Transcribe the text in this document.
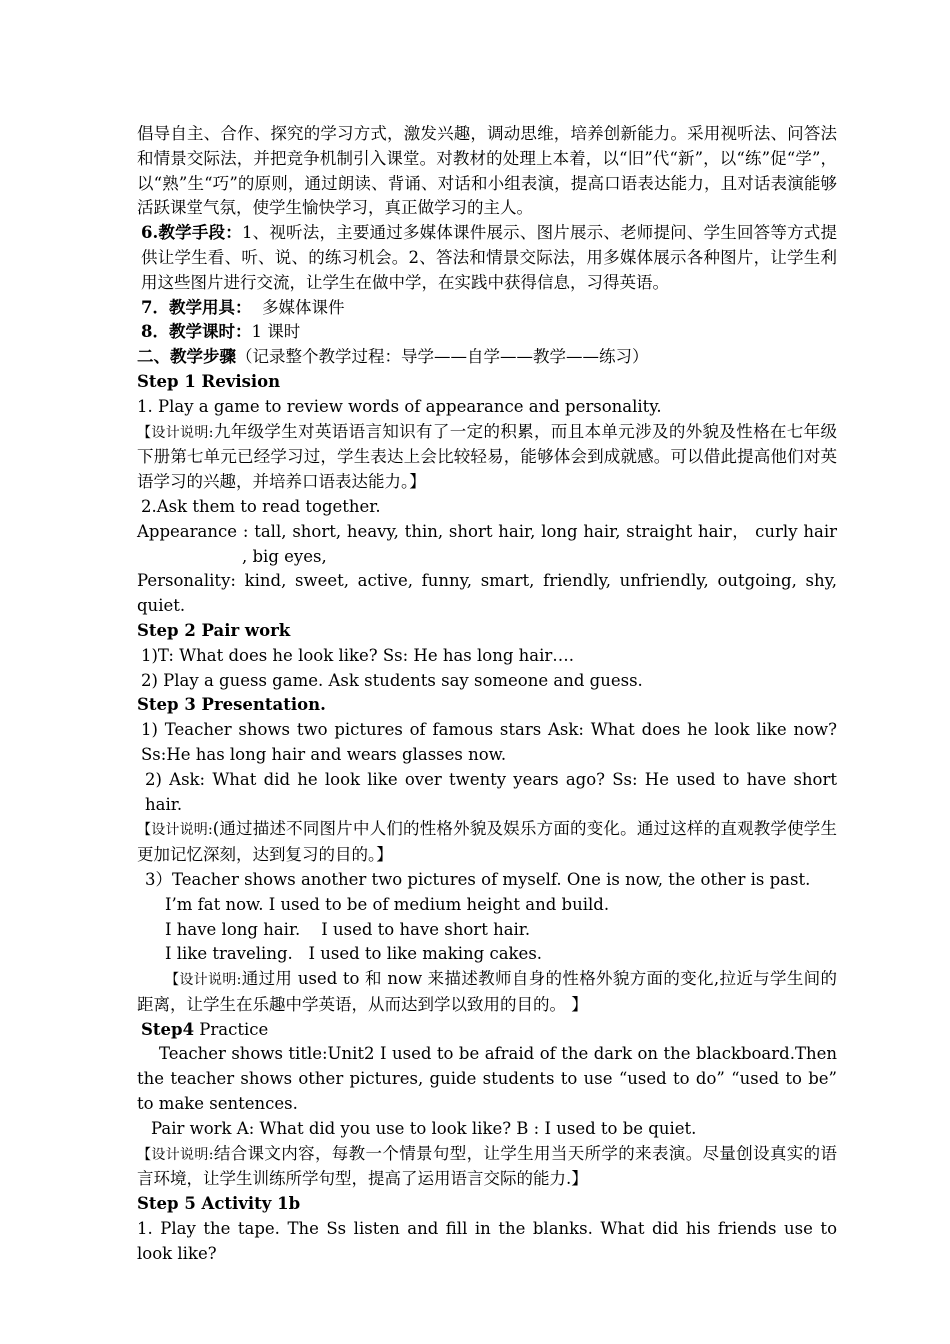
倡导自主、合作、探究的学习方式，激发兴趣，调动思维，培养创新能力。采用视听法、问答法和情景交际法，并把竞争机制引入课堂。对教材的处理上本着，以“旧”代“新”，以“练”促“学”，以“熟”生“巧”的原则，通过朗读、背诵、对话和小组表演，提高口语表达能力，且对话表演能够活跃课堂气氛，使学生愉快学习，真正做学习的主人。

6.教学手段：1、视听法，主要通过多媒体课件展示、图片展示、老师提问、学生回答等方式提供让学生看、听、说、的练习机会。2、答法和情景交际法，用多媒体展示各种图片，让学生利用这些图片进行交流，让学生在做中学，在实践中获得信息，习得英语。

7．教学用具： 多媒体课件

8．教学课时：1 课时

二、教学步骤（记录整个教学过程：导学——自学——教学——练习）

Step 1 Revision

1. Play a game to review words of appearance and personality.

【设计说明:九年级学生对英语语言知识有了一定的积累，而且本单元涉及的外貌及性格在七年级下册第七单元已经学习过，学生表达上会比较轻易，能够体会到成就感。可以借此提高他们对英语学习的兴趣，并培养口语表达能力。】

2.Ask them to read together.

Appearance : tall, short, heavy, thin, short hair, long hair, straight hair， curly hair , big eyes,

Personality: kind, sweet, active, funny, smart, friendly, unfriendly, outgoing, shy, quiet.

Step 2 Pair work

1)T: What does he look like? Ss: He has long hair….

2) Play a guess game. Ask students say someone and guess.

Step 3 Presentation.

1) Teacher shows two pictures of famous stars Ask: What does he look like now? Ss:He has long hair and wears glasses now.

2) Ask: What did he look like over twenty years ago? Ss: He used to have short hair.

【设计说明:(通过描述不同图片中人们的性格外貌及娱乐方面的变化。通过这样的直观教学使学生更加记忆深刻，达到复习的目的。】

3）Teacher shows another two pictures of myself. One is now, the other is past.

I’m fat now. I used to be of medium height and build.

I have long hair.    I used to have short hair.

I like traveling.   I used to like making cakes.

【设计说明:通过用 used to 和 now 来描述教师自身的性格外貌方面的变化,拉近与学生间的距离，让学生在乐趣中学英语，从而达到学以致用的目的。 】

Step4 Practice

Teacher shows title:Unit2 I used to be afraid of the dark on the blackboard.Then the teacher shows other pictures, guide students to use “used to do” “used to be” to make sentences.

Pair work A: What did you use to look like? B : I used to be quiet.

【设计说明:结合课文内容，每教一个情景句型，让学生用当天所学的来表演。尽量创设真实的语言环境，让学生训练所学句型，提高了运用语言交际的能力.】

Step 5 Activity 1b

1. Play the tape. The Ss listen and fill in the blanks. What did his friends use to look like?
